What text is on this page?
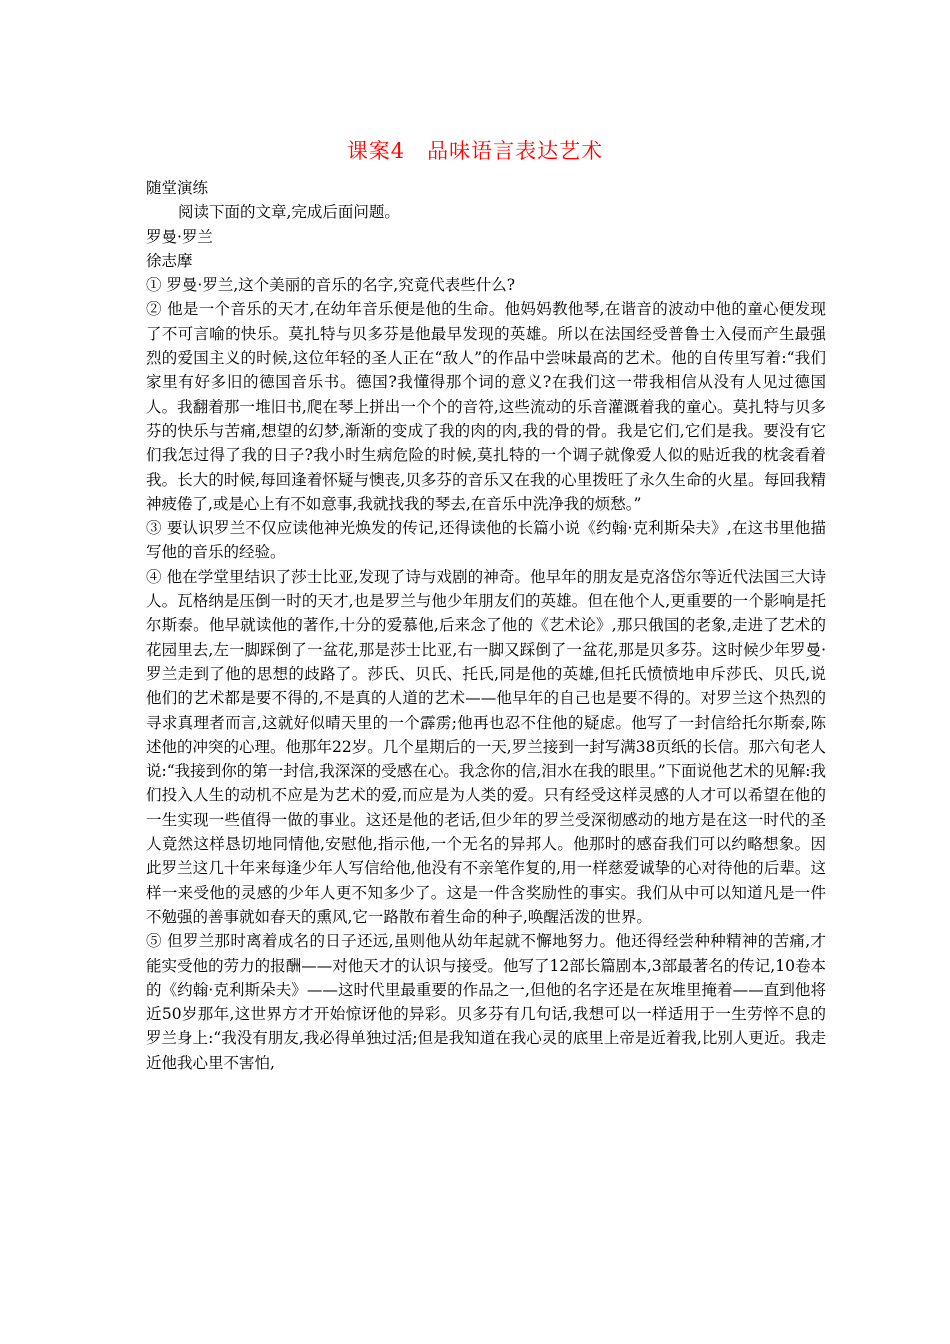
课案4　品味语言表达艺术

随堂演练

阅读下面的文章,完成后面问题。

罗曼·罗兰

徐志摩

① 罗曼·罗兰,这个美丽的音乐的名字,究竟代表些什么?

② 他是一个音乐的天才,在幼年音乐便是他的生命。他妈妈教他琴,在谐音的波动中他的童心便发现了不可言喻的快乐。莫扎特与贝多芬是他最早发现的英雄。所以在法国经受普鲁士入侵而产生最强烈的爱国主义的时候,这位年轻的圣人正在“敌人”的作品中尝味最高的艺术。他的自传里写着:“我们家里有好多旧的德国音乐书。德国?我懂得那个词的意义?在我们这一带我相信从没有人见过德国人。我翻着那一堆旧书,爬在琴上拼出一个个的音符,这些流动的乐音灌溉着我的童心。莫扎特与贝多芬的快乐与苦痛,想望的幻梦,渐渐的变成了我的肉的肉,我的骨的骨。我是它们,它们是我。要没有它们我怎过得了我的日子?我小时生病危险的时候,莫扎特的一个调子就像爱人似的贴近我的枕衾看着我。长大的时候,每回逢着怀疑与懊丧,贝多芬的音乐又在我的心里拨旺了永久生命的火星。每回我精神疲倦了,或是心上有不如意事,我就找我的琴去,在音乐中洗净我的烦愁。”

③ 要认识罗兰不仅应读他神光焕发的传记,还得读他的长篇小说《约翰·克利斯朵夫》,在这书里他描写他的音乐的经验。

④ 他在学堂里结识了莎士比亚,发现了诗与戏剧的神奇。他早年的朋友是克洛岱尔等近代法国三大诗人。瓦格纳是压倒一时的天才,也是罗兰与他少年朋友们的英雄。但在他个人,更重要的一个影响是托尔斯泰。他早就读他的著作,十分的爱慕他,后来念了他的《艺术论》,那只俄国的老象,走进了艺术的花园里去,左一脚踩倒了一盆花,那是莎士比亚,右一脚又踩倒了一盆花,那是贝多芬。这时候少年罗曼·罗兰走到了他的思想的歧路了。莎氏、贝氏、托氏,同是他的英雄,但托氏愤愤地申斥莎氏、贝氏,说他们的艺术都是要不得的,不是真的人道的艺术——他早年的自己也是要不得的。对罗兰这个热烈的寻求真理者而言,这就好似晴天里的一个霹雳;他再也忍不住他的疑虑。他写了一封信给托尔斯泰,陈述他的冲突的心理。他那年22岁。几个星期后的一天,罗兰接到一封写满38页纸的长信。那六旬老人说:“我接到你的第一封信,我深深的受感在心。我念你的信,泪水在我的眼里。”下面说他艺术的见解:我们投入人生的动机不应是为艺术的爱,而应是为人类的爱。只有经受这样灵感的人才可以希望在他的一生实现一些值得一做的事业。这还是他的老话,但少年的罗兰受深彻感动的地方是在这一时代的圣人竟然这样恳切地同情他,安慰他,指示他,一个无名的异邦人。他那时的感奋我们可以约略想象。因此罗兰这几十年来每逢少年人写信给他,他没有不亲笔作复的,用一样慈爱诚挚的心对待他的后辈。这样一来受他的灵感的少年人更不知多少了。这是一件含奖励性的事实。我们从中可以知道凡是一件不勉强的善事就如春天的熏风,它一路散布着生命的种子,唤醒活泼的世界。

⑤ 但罗兰那时离着成名的日子还远,虽则他从幼年起就不懈地努力。他还得经尝种种精神的苦痛,才能实受他的劳力的报酬——对他天才的认识与接受。他写了12部长篇剧本,3部最著名的传记,10卷本的《约翰·克利斯朵夫》——这时代里最重要的作品之一,但他的名字还是在灰堆里掩着——直到他将近50岁那年,这世界方才开始惊讶他的异彩。贝多芬有几句话,我想可以一样适用于一生劳悴不息的罗兰身上:“我没有朋友,我必得单独过活;但是我知道在我心灵的底里上帝是近着我,比别人更近。我走近他我心里不害怕,
